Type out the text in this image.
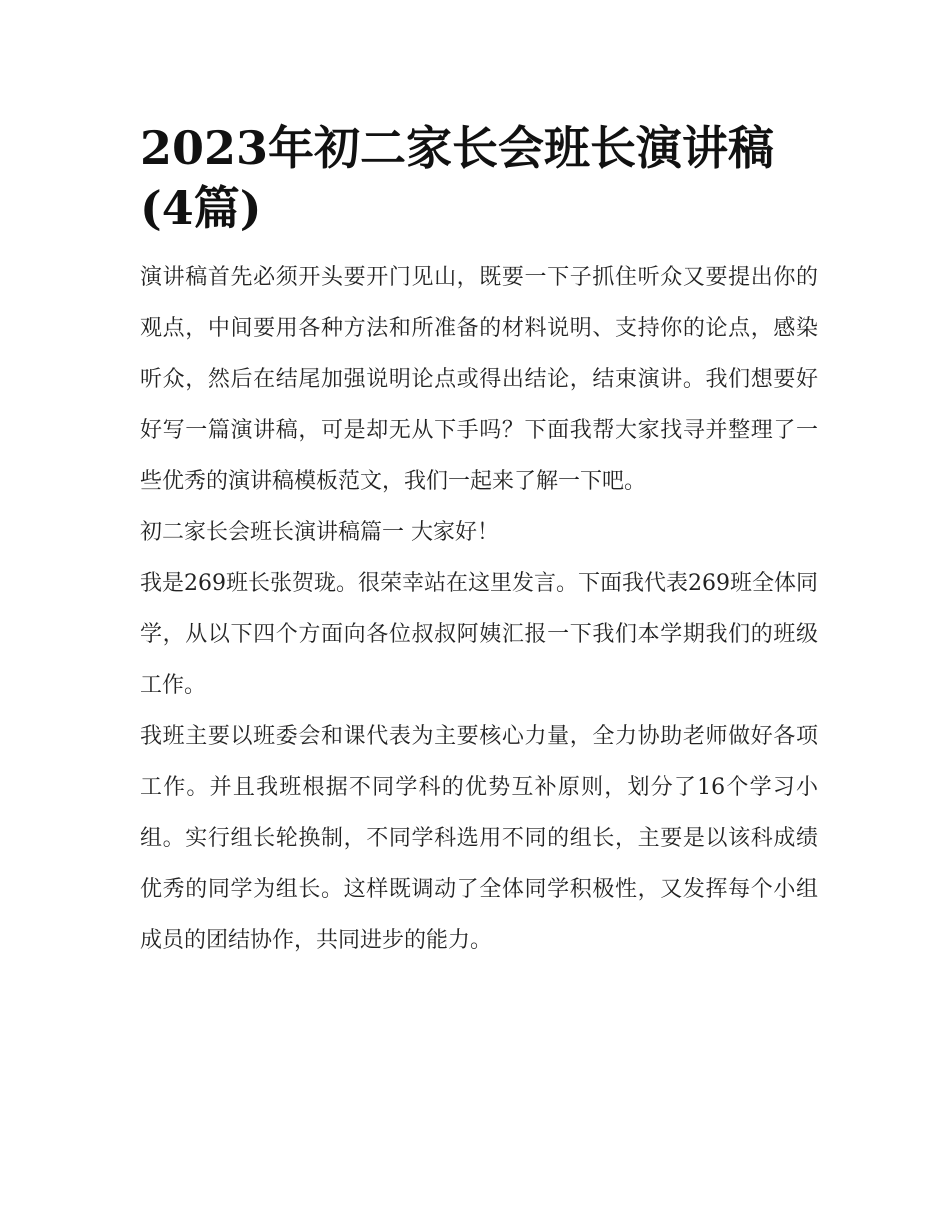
2023年初二家长会班长演讲稿(4篇)

演讲稿首先必须开头要开门见山，既要一下子抓住听众又要提出你的观点，中间要用各种方法和所准备的材料说明、支持你的论点，感染听众，然后在结尾加强说明论点或得出结论，结束演讲。我们想要好好写一篇演讲稿，可是却无从下手吗？下面我帮大家找寻并整理了一些优秀的演讲稿模板范文，我们一起来了解一下吧。

初二家长会班长演讲稿篇一 大家好！

我是269班长张贺珑。很荣幸站在这里发言。下面我代表269班全体同学，从以下四个方面向各位叔叔阿姨汇报一下我们本学期我们的班级工作。

我班主要以班委会和课代表为主要核心力量，全力协助老师做好各项工作。并且我班根据不同学科的优势互补原则，划分了16个学习小组。实行组长轮换制，不同学科选用不同的组长，主要是以该科成绩优秀的同学为组长。这样既调动了全体同学积极性，又发挥每个小组成员的团结协作，共同进步的能力。
